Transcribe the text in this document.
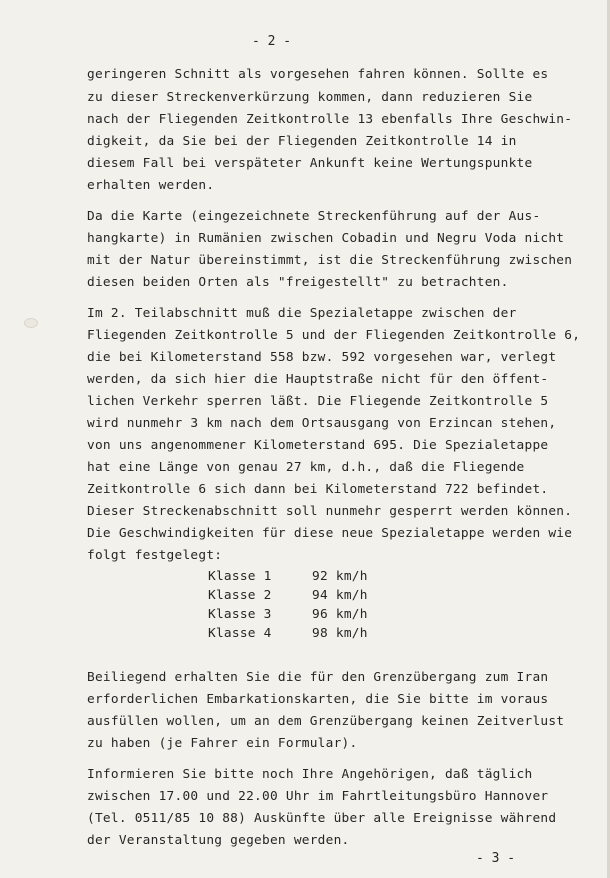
- 2 -
geringeren Schnitt als vorgesehen fahren können. Sollte es
zu dieser Streckenverkürzung kommen, dann reduzieren Sie
nach der Fliegenden Zeitkontrolle 13 ebenfalls Ihre Geschwin-
digkeit, da Sie bei der Fliegenden Zeitkontrolle 14 in
diesem Fall bei verspäteter Ankunft keine Wertungspunkte
erhalten werden.
Da die Karte (eingezeichnete Streckenführung auf der Aus-
hangkarte) in Rumänien zwischen Cobadin und Negru Voda nicht
mit der Natur übereinstimmt, ist die Streckenführung zwischen
diesen beiden Orten als "freigestellt" zu betrachten.
Im 2. Teilabschnitt muß die Spezialetappe zwischen der
Fliegenden Zeitkontrolle 5 und der Fliegenden Zeitkontrolle 6,
die bei Kilometerstand 558 bzw. 592 vorgesehen war, verlegt
werden, da sich hier die Hauptstraße nicht für den öffent-
lichen Verkehr sperren läßt. Die Fliegende Zeitkontrolle 5
wird nunmehr 3 km nach dem Ortsausgang von Erzincan stehen,
von uns angenommener Kilometerstand 695. Die Spezialetappe
hat eine Länge von genau 27 km, d.h., daß die Fliegende
Zeitkontrolle 6 sich dann bei Kilometerstand 722 befindet.
Dieser Streckenabschnitt soll nunmehr gesperrt werden können.
Die Geschwindigkeiten für diese neue Spezialetappe werden wie
folgt festgelegt:
Klasse 1	92 km/h
Klasse 2	94 km/h
Klasse 3	96 km/h
Klasse 4	98 km/h
Beiliegend erhalten Sie die für den Grenzübergang zum Iran
erforderlichen Embarkationskarten, die Sie bitte im voraus
ausfüllen wollen, um an dem Grenzübergang keinen Zeitverlust
zu haben (je Fahrer ein Formular).
Informieren Sie bitte noch Ihre Angehörigen, daß täglich
zwischen 17.00 und 22.00 Uhr im Fahrtleitungsbüro Hannover
(Tel. 0511/85 10 88) Auskünfte über alle Ereignisse während
der Veranstaltung gegeben werden.
- 3 -
